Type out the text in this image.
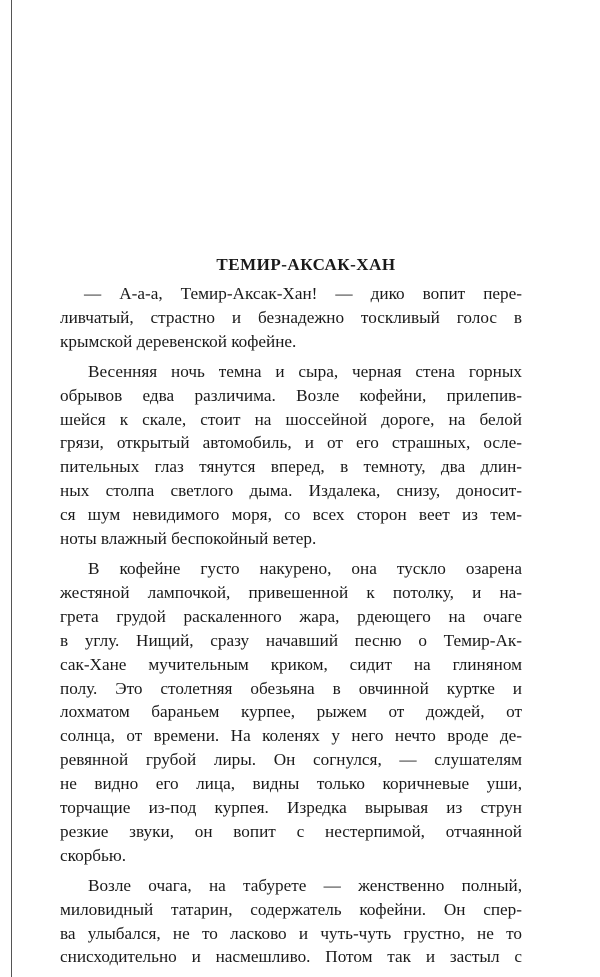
ТЕМИР-АКСАК-ХАН
— А-а-а, Темир-Аксак-Хан! — дико вопит пере-
ливчатый, страстно и безнадежно тоскливый голос в
крымской деревенской кофейне.
Весенняя ночь темна и сыра, черная стена горных
обрывов едва различима. Возле кофейни, прилепив-
шейся к скале, стоит на шоссейной дороге, на белой
грязи, открытый автомобиль, и от его страшных, осле-
пительных глаз тянутся вперед, в темноту, два длин-
ных столпа светлого дыма. Издалека, снизу, доносит-
ся шум невидимого моря, со всех сторон веет из тем-
ноты влажный беспокойный ветер.
В кофейне густо накурено, она тускло озарена
жестяной лампочкой, привешенной к потолку, и на-
грета грудой раскаленного жара, рдеющего на очаге
в углу. Нищий, сразу начавший песню о Темир-Ак-
сак-Хане мучительным криком, сидит на глиняном
полу. Это столетняя обезьяна в овчинной куртке и
лохматом бараньем курпее, рыжем от дождей, от
солнца, от времени. На коленях у него нечто вроде де-
ревянной грубой лиры. Он согнулся, — слушателям
не видно его лица, видны только коричневые уши,
торчащие из-под курпея. Изредка вырывая из струн
резкие звуки, он вопит с нестерпимой, отчаянной
скорбью.
Возле очага, на табурете — женственно полный,
миловидный татарин, содержатель кофейни. Он спер-
ва улыбался, не то ласково и чуть-чуть грустно, не то
снисходительно и насмешливо. Потом так и застыл с
